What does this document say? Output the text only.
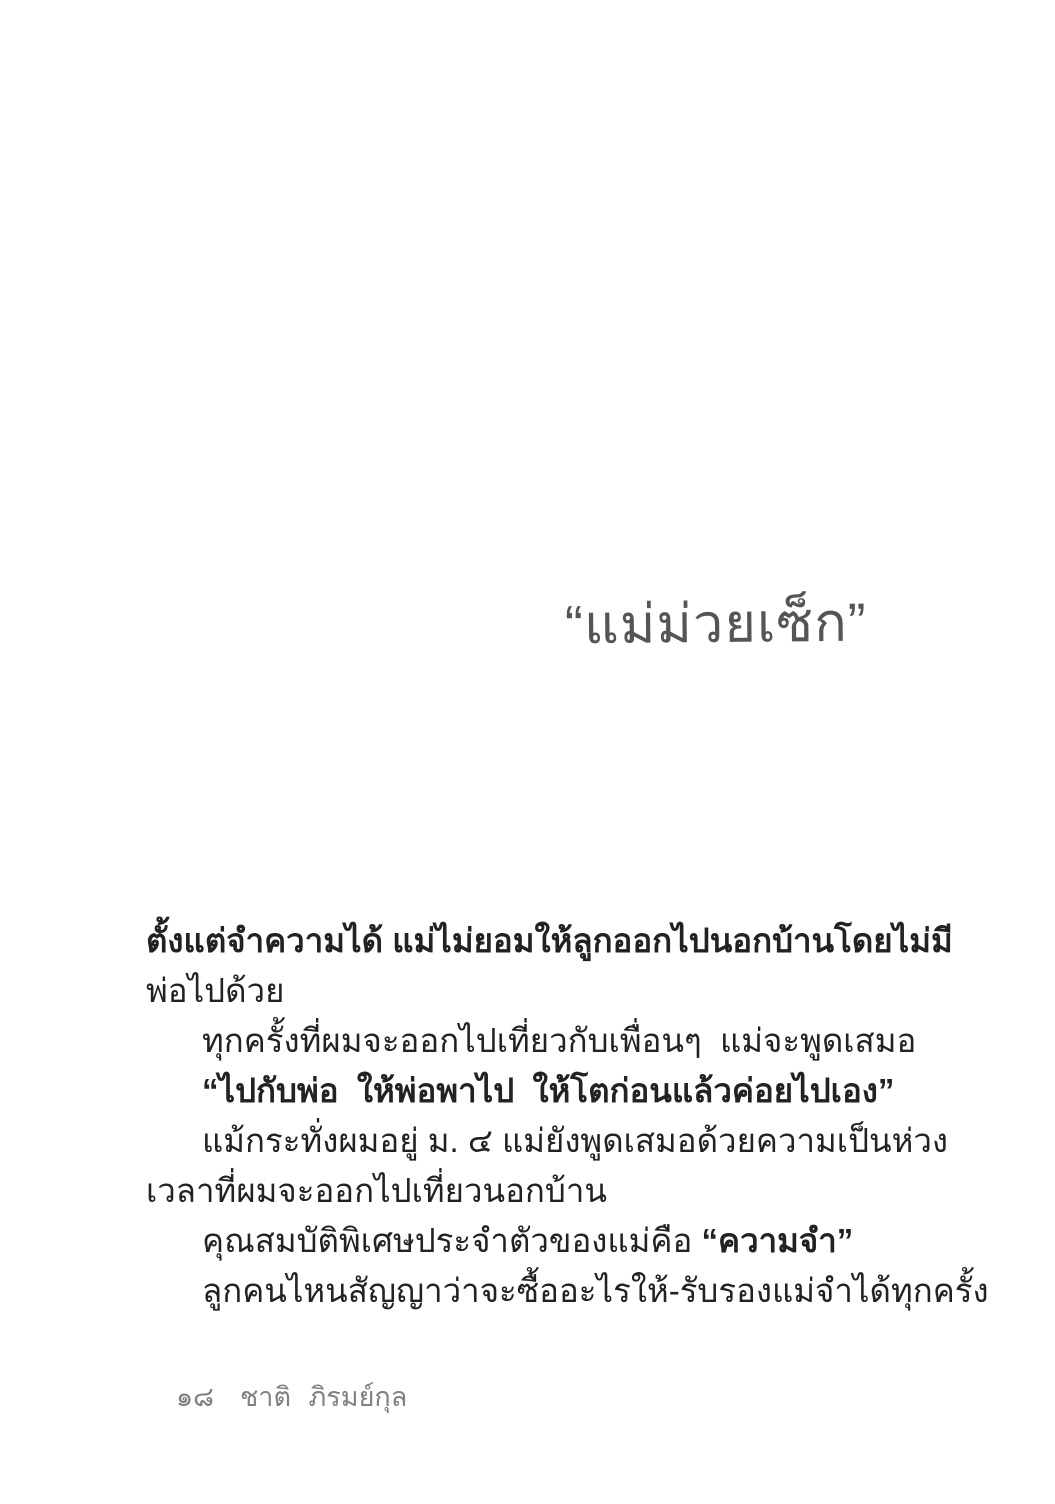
“แม่ม่วยเซ็ก”
ตั้งแต่จำความได้ แม่ไม่ยอมให้ลูกออกไปนอกบ้านโดยไม่มี
พ่อไปด้วย
ทุกครั้งที่ผมจะออกไปเที่ยวกับเพื่อนๆ  แม่จะพูดเสมอ
“ไปกับพ่อ  ให้พ่อพาไป  ให้โตก่อนแล้วค่อยไปเอง”
แม้กระทั่งผมอยู่ ม. ๔ แม่ยังพูดเสมอด้วยความเป็นห่วง
เวลาที่ผมจะออกไปเที่ยวนอกบ้าน
คุณสมบัติพิเศษประจำตัวของแม่คือ “ความจำ”
ลูกคนไหนสัญญาว่าจะซื้ออะไรให้-รับรองแม่จำได้ทุกครั้ง

๑๘ ชาติ ภิรมย์กุล
